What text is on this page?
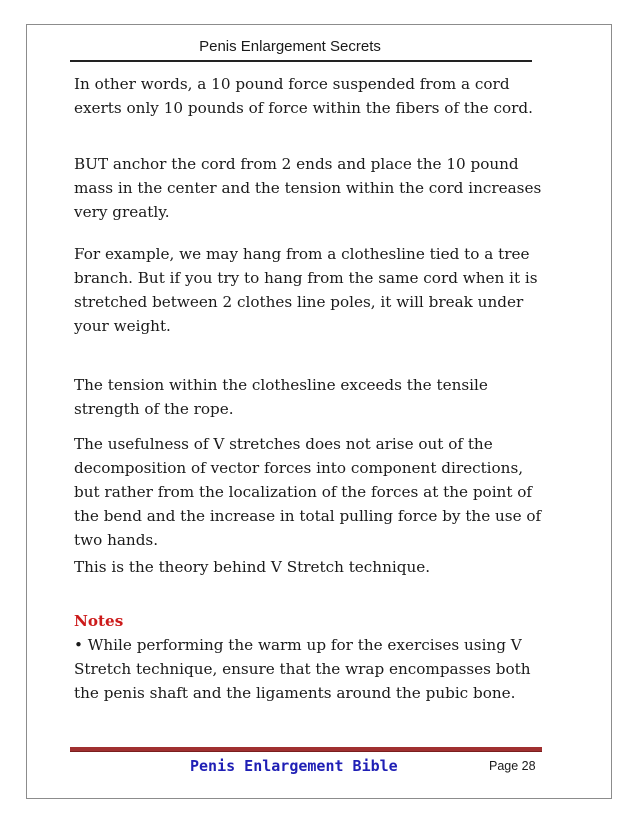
Penis Enlargement Secrets

In other words, a 10 pound force suspended from a cord exerts only 10 pounds of force within the fibers of the cord.

BUT anchor the cord from 2 ends and place the 10 pound mass in the center and the tension within the cord increases very greatly.

For example, we may hang from a clothesline tied to a tree branch. But if you try to hang from the same cord when it is stretched between 2 clothes line poles, it will break under your weight.

The tension within the clothesline exceeds the tensile strength of the rope.

The usefulness of V stretches does not arise out of the decomposition of vector forces into component directions, but rather from the localization of the forces at the point of the bend and the increase in total pulling force by the use of two hands.

This is the theory behind V Stretch technique.

Notes

• While performing the warm up for the exercises using V Stretch technique, ensure that the wrap encompasses both the penis shaft and the ligaments around the pubic bone.

Penis Enlargement Bible	Page 28
